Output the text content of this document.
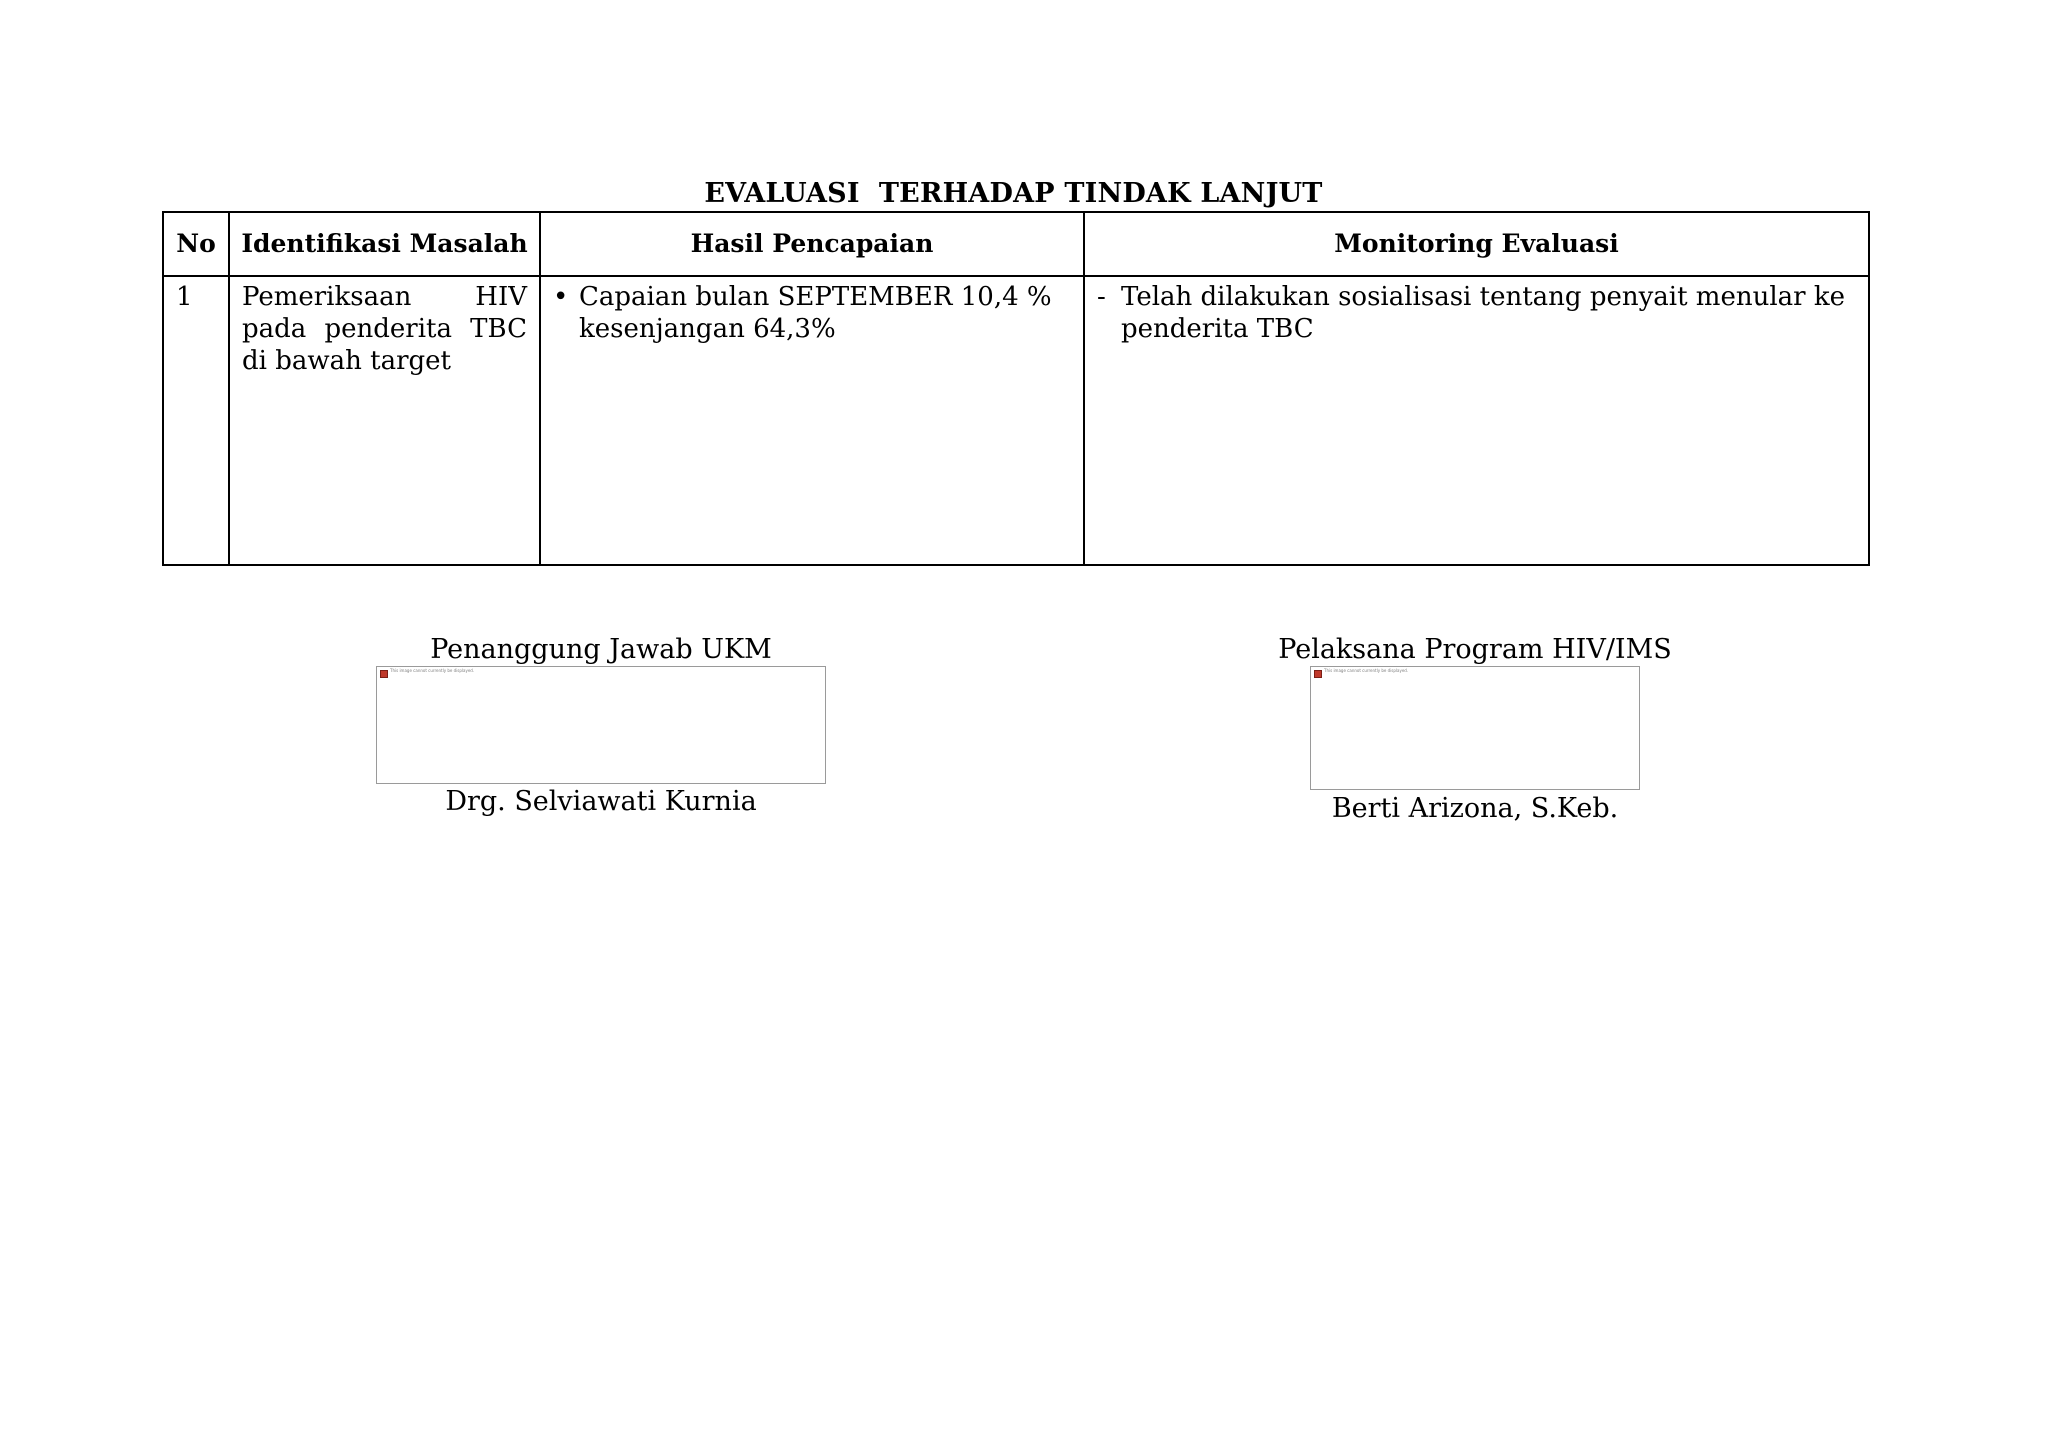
EVALUASI  TERHADAP TINDAK LANJUT
No	Identifikasi Masalah	Hasil Pencapaian	Monitoring Evaluasi
1	Pemeriksaan HIV pada penderita TBC di bawah target	• Capaian bulan SEPTEMBER 10,4 % kesenjangan 64,3%	- Telah dilakukan sosialisasi tentang penyait menular ke penderita TBC
Penanggung Jawab UKM
This image cannot currently be displayed.
Drg. Selviawati Kurnia
Pelaksana Program HIV/IMS
This image cannot currently be displayed.
Berti Arizona, S.Keb.
